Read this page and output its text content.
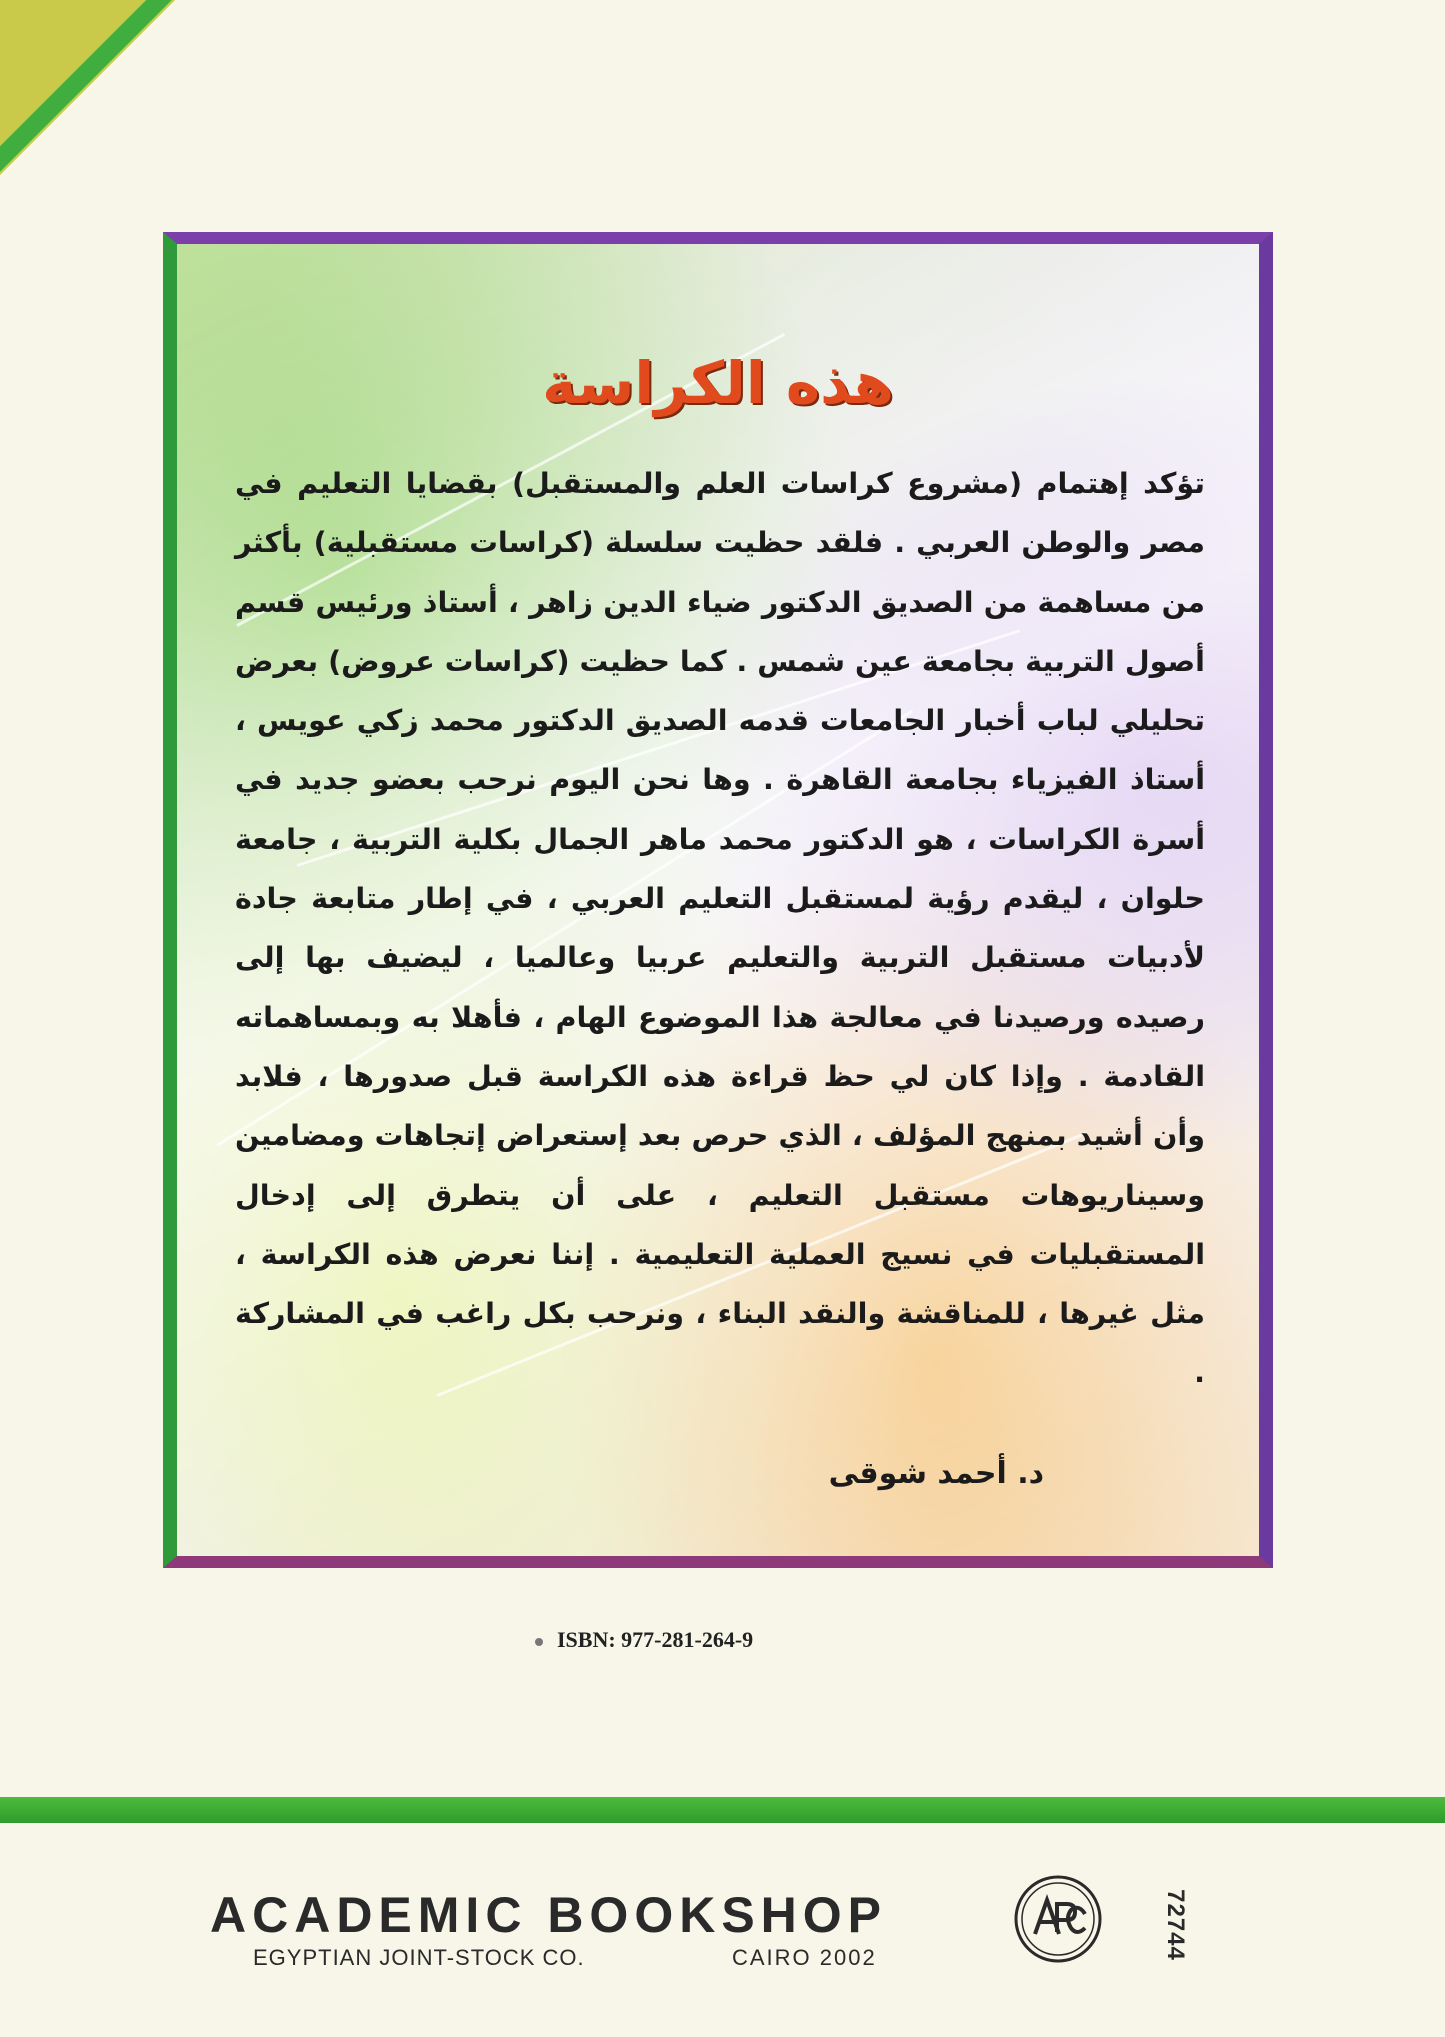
هذه الكراسة

تؤكد إهتمام (مشروع كراسات العلم والمستقبل) بقضايا التعليم في مصر والوطن العربي . فلقد حظيت سلسلة (كراسات مستقبلية) بأكثر من مساهمة من الصديق الدكتور ضياء الدين زاهر ، أستاذ ورئيس قسم أصول التربية بجامعة عين شمس . كما حظيت (كراسات عروض) بعرض تحليلي لباب أخبار الجامعات قدمه الصديق الدكتور محمد زكي عويس ، أستاذ الفيزياء بجامعة القاهرة . وها نحن اليوم نرحب بعضو جديد في أسرة الكراسات ، هو الدكتور محمد ماهر الجمال بكلية التربية ، جامعة حلوان ، ليقدم رؤية لمستقبل التعليم العربي ، في إطار متابعة جادة لأدبيات مستقبل التربية والتعليم عربيا وعالميا ، ليضيف بها إلى رصيده ورصيدنا في معالجة هذا الموضوع الهام ، فأهلا به وبمساهماته القادمة . وإذا كان لي حظ قراءة هذه الكراسة قبل صدورها ، فلابد وأن أشيد بمنهج المؤلف ، الذي حرص بعد إستعراض إتجاهات ومضامين وسيناريوهات مستقبل التعليم ، على أن يتطرق إلى إدخال المستقبليات في نسيج العملية التعليمية . إننا نعرض هذه الكراسة ، مثل غيرها ، للمناقشة والنقد البناء ، ونرحب بكل راغب في المشاركة .

د. أحمد شوقى
ISBN: 977-281-264-9
ACADEMIC BOOKSHOP
EGYPTIAN JOINT-STOCK CO.	CAIRO 2002	72744
